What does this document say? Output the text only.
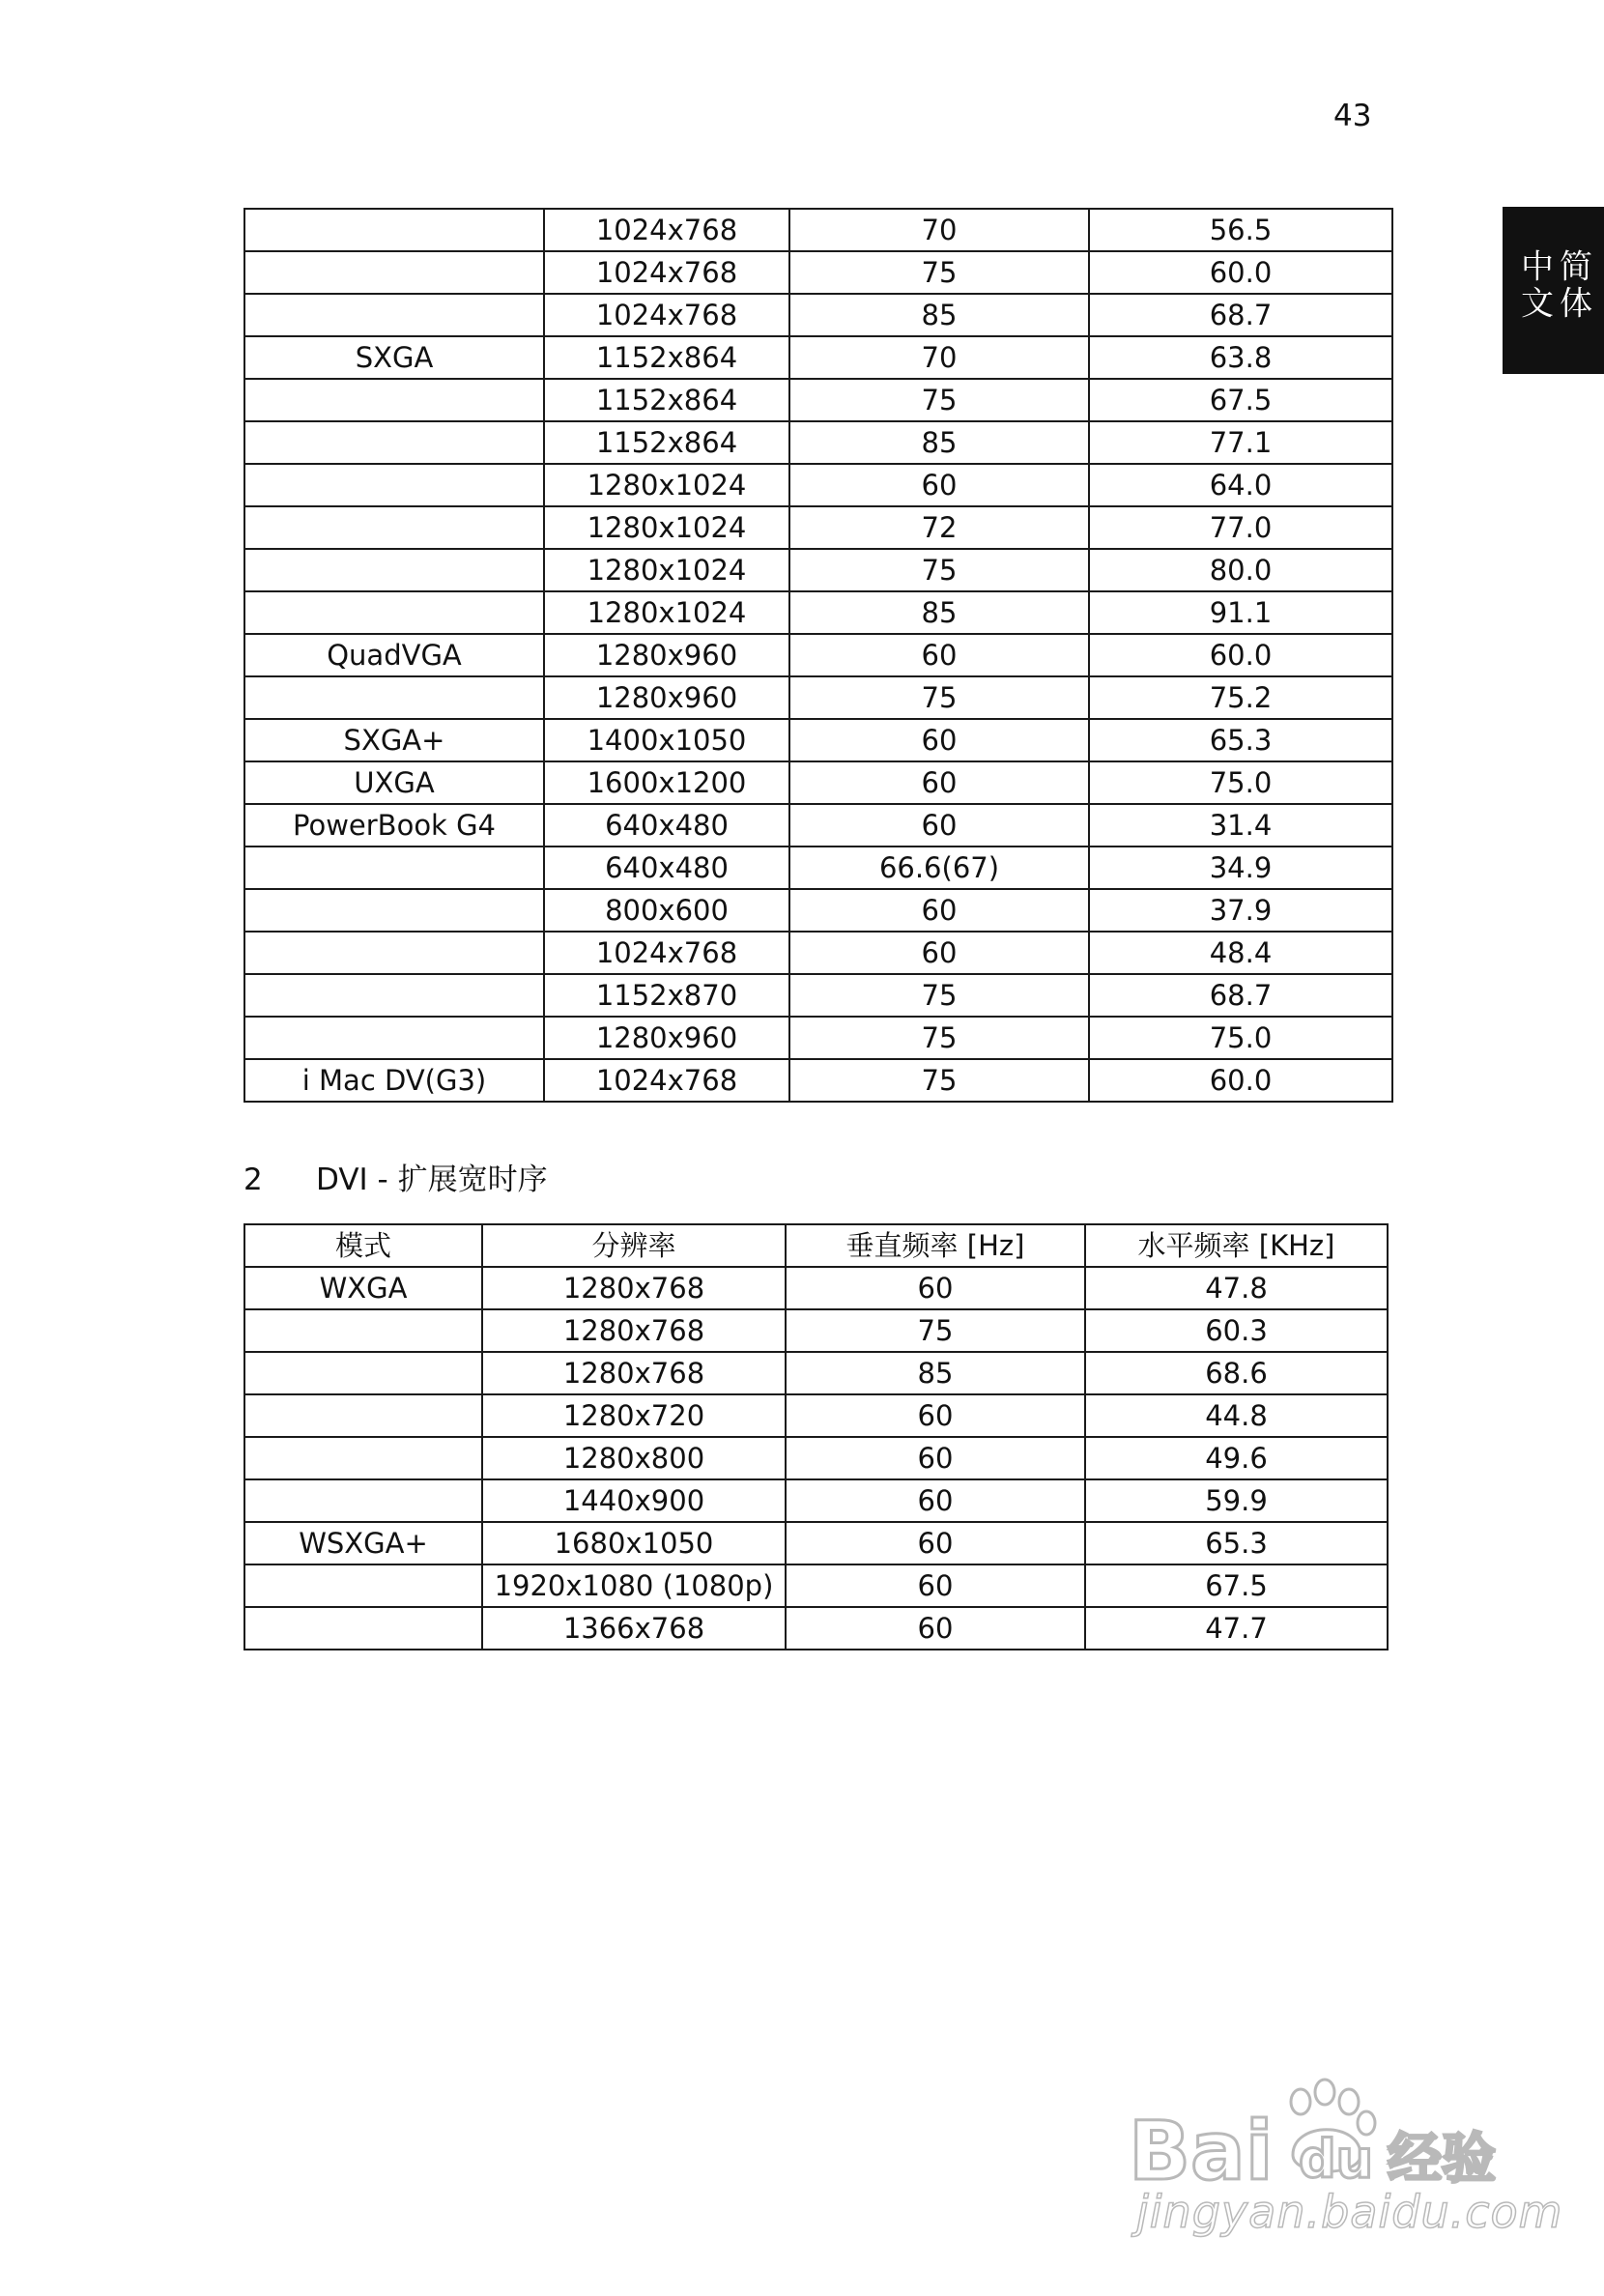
43
简体中文
	1024x768	70	56.5
	1024x768	75	60.0
	1024x768	85	68.7
SXGA	1152x864	70	63.8
	1152x864	75	67.5
	1152x864	85	77.1
	1280x1024	60	64.0
	1280x1024	72	77.0
	1280x1024	75	80.0
	1280x1024	85	91.1
QuadVGA	1280x960	60	60.0
	1280x960	75	75.2
SXGA+	1400x1050	60	65.3
UXGA	1600x1200	60	75.0
PowerBook G4	640x480	60	31.4
	640x480	66.6(67)	34.9
	800x600	60	37.9
	1024x768	60	48.4
	1152x870	75	68.7
	1280x960	75	75.0
i Mac DV(G3)	1024x768	75	60.0
2 DVI - 扩展宽时序
模式	分辨率	垂直频率 [Hz]	水平频率 [KHz]
WXGA	1280x768	60	47.8
	1280x768	75	60.3
	1280x768	85	68.6
	1280x720	60	44.8
	1280x800	60	49.6
	1440x900	60	59.9
WSXGA+	1680x1050	60	65.3
	1920x1080 (1080p)	60	67.5
	1366x768	60	47.7
Bai du 经验
jingyan.baidu.com
